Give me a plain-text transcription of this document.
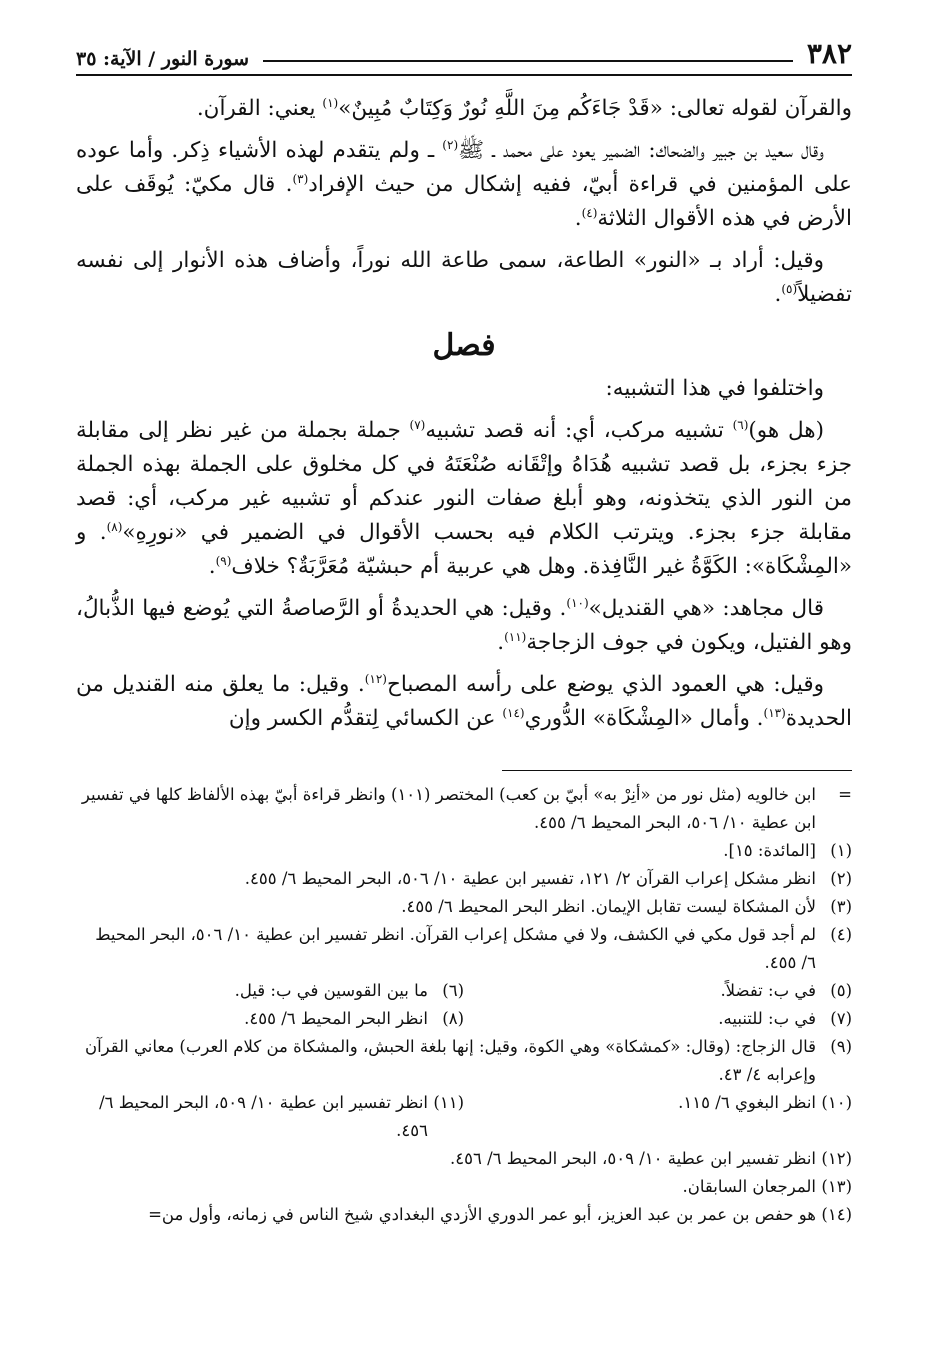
٣٨٢
سورة النور / الآية: ٣٥

والقرآن لقوله تعالى: «قَدْ جَاءَكُم مِنَ اللَّهِ نُورٌ وَكِتَابٌ مُبِينٌ»$^{(١)}$ يعني: القرآن.

وقال سعيد بن جبير والضحاك: الضمير يعود على محمد ـ ﷺ$^{(٢)}$ ـ ولم يتقدم لهذه الأشياء ذِكر. وأما عوده على المؤمنين في قراءة أبيّ، ففيه إشكال من حيث الإفراد$^{(٣)}$. قال مكيّ: يُوقَف على الأرض في هذه الأقوال الثلاثة$^{(٤)}$.

وقيل: أراد بـ «النور» الطاعة، سمى طاعة الله نوراً، وأضاف هذه الأنوار إلى نفسه تفضيلاً$^{(٥)}$.

فصل

واختلفوا في هذا التشبيه:

(هل هو)$^{(٦)}$ تشبيه مركب، أي: أنه قصد تشبيه$^{(٧)}$ جملة بجملة من غير نظر إلى مقابلة جزء بجزء، بل قصد تشبيه هُدَاهُ وإتْقَانه صُنْعَتَهُ في كل مخلوق على الجملة بهذه الجملة من النور الذي يتخذونه، وهو أبلغ صفات النور عندكم أو تشبيه غير مركب، أي: قصد مقابلة جزء بجزء. ويترتب الكلام فيه بحسب الأقوال في الضمير في «نورِهِ»$^{(٨)}$. و «المِشْكَاة»: الكَوَّةُ غير النَّافِذة. وهل هي عربية أم حبشيّة مُعَرَّبَةٌ؟ خلاف$^{(٩)}$.

قال مجاهد: «هي القنديل»$^{(١٠)}$. وقيل: هي الحديدةُ أو الرَّصاصةُ التي يُوضع فيها الذُّبالُ، وهو الفتيل، ويكون في جوف الزجاجة$^{(١١)}$.

وقيل: هي العمود الذي يوضع على رأسه المصباح$^{(١٢)}$. وقيل: ما يعلق منه القنديل من الحديدة$^{(١٣)}$. وأمال «المِشْكَاة» الدُّوري$^{(١٤)}$ عن الكسائي لِتقدُّم الكسر وإن

=
ابن خالويه (مثل نور من «أنِرْ به» أبيّ بن كعب) المختصر (١٠١) وانظر قراءة أبيّ بهذه الألفاظ كلها في تفسير ابن عطية ١٠/ ٥٠٦، البحر المحيط ٦/ ٤٥٥.
(١)
[المائدة: ١٥].
(٢)
انظر مشكل إعراب القرآن ٢/ ١٢١، تفسير ابن عطية ١٠/ ٥٠٦، البحر المحيط ٦/ ٤٥٥.
(٣)
لأن المشكاة ليست تقابل الإيمان. انظر البحر المحيط ٦/ ٤٥٥.
(٤)
لم أجد قول مكي في الكشف، ولا في مشكل إعراب القرآن. انظر تفسير ابن عطية ١٠/ ٥٠٦، البحر المحيط ٦/ ٤٥٥.
(٥)
في ب: تفضلاً.
(٦)
ما بين القوسين في ب: قيل.
(٧)
في ب: للتنبيه.
(٨)
انظر البحر المحيط ٦/ ٤٥٥.
(٩)
قال الزجاج: (وقال: «كمشكاة» وهي الكوة، وقيل: إنها بلغة الحبش، والمشكاة من كلام العرب) معاني القرآن وإعرابه ٤/ ٤٣.
(١٠)
انظر البغوي ٦/ ١١٥.
(١١)
انظر تفسير ابن عطية ١٠/ ٥٠٩، البحر المحيط ٦/ ٤٥٦.
(١٢)
انظر تفسير ابن عطية ١٠/ ٥٠٩، البحر المحيط ٦/ ٤٥٦.
(١٣)
المرجعان السابقان.
(١٤)
هو حفص بن عمر بن عبد العزيز، أبو عمر الدوري الأزدي البغدادي شيخ الناس في زمانه، وأول من=
